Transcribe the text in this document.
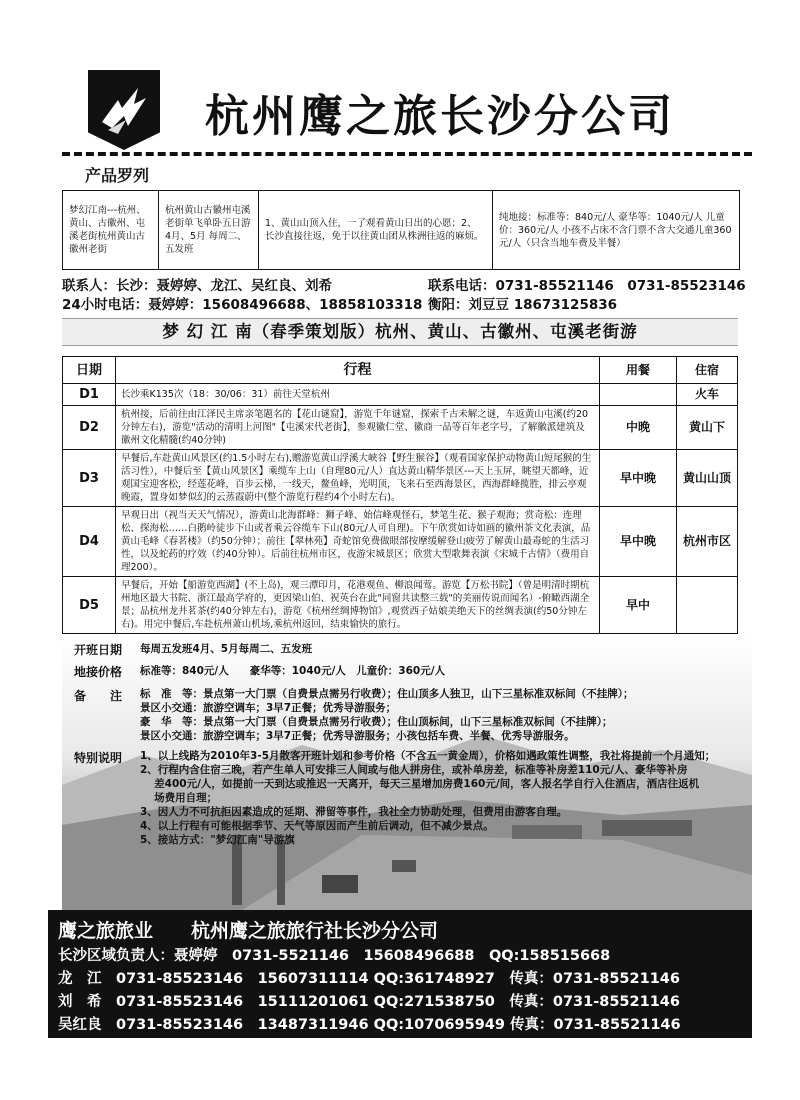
杭州鹰之旅长沙分公司
产品罗列
梦幻江南---杭州、黄山、古徽州、屯溪老街杭州黄山古徽州老街
杭州黄山古徽州屯溪老街单飞单卧五日游 4月、5月 每周二、五发班
1、黄山山顶入住，一了观看黄山日出的心愿；2、长沙直接往返，免于以往黄山团从株洲往返的麻烦。
纯地接：标准等：840元/人 豪华等：1040元/人 儿童价：360元/人 小孩不占床不含门票不含大交通儿童360元/人（只含当地车费及半餐）
联系人：长沙：聂婷婷、龙江、吴红良、刘希	联系电话：0731-85521146　0731-85523146
24小时电话：聂婷婷：15608496688、18858103318 衡阳：刘豆豆 18673125836
梦 幻 江 南（春季策划版）杭州、黄山、古徽州、屯溪老街游
日期	行程	用餐	住宿
D1	长沙乘K135次（18：30/06：31）前往天堂杭州		火车
D2	杭州接，后前往由江泽民主席亲笔题名的【花山谜窟】，游览千年谜窟，探索千古未解之谜，车返黄山屯溪(约20分钟左右)，游览"活动的清明上河图"【屯溪宋代老街】，参观徽仁堂、徽商一品等百年老字号，了解徽派建筑及徽州文化精髓(约40分钟)	中晚	黄山下
D3	早餐后,车赴黄山风景区(约1.5小时左右),赠游览黄山浮溪大峡谷【野生猴谷】（观看国家保护动物黄山短尾猴的生活习性），中餐后至【黄山风景区】乘缆车上山（自理80元/人）直达黄山精华景区---天上玉屏，眺望天都峰，近观国宝迎客松，经莲花峰，百步云梯，一线天，鳌鱼峰，光明顶，飞来石至西海景区，西海群峰揽胜，排云亭观晚霞，置身如梦似幻的云蒸霞蔚中(整个游览行程约4个小时左右)。	早中晚	黄山山顶
D4	早观日出（视当天天气情况），游黄山北海群峰：狮子峰、始信峰观怪石，梦笔生花、猴子观海；赏奇松：连理松、探海松……白鹅岭徒步下山或者乘云谷缆车下山(80元/人可自理)。下午欣赏如诗如画的徽州茶文化表演，品黄山毛峰《春茗楼》（约50分钟）；前往【翠林苑】奇蛇馆免费做眼部按摩缓解登山疲劳了解黄山最毒蛇的生活习性，以及蛇药的疗效（约40分钟）。后前往杭州市区，夜游宋城景区；欣赏大型歌舞表演《宋城千古情》（费用自理200）。	早中晚	杭州市区
D5	早餐后，开始【船游览西湖】(不上岛)，观三潭印月，花港观鱼、柳浪闻莺。游览【万松书院】（曾是明清时期杭州地区最大书院、浙江最高学府的，更因梁山伯、祝英台在此"同窗共读整三载"的美丽传说而闻名）-俯瞰西湖全景；品杭州龙井茗茶(约40分钟左右)，游览《杭州丝绸博物馆》,观赏西子姑娘美绝天下的丝绸表演(约50分钟左右)。用完中餐后,车赴杭州萧山机场,乘杭州返回，结束愉快的旅行。	早中	
开班日期 每周五发班4月、5月每周二、五发班
地接价格 标准等：840元/人　　豪华等：1040元/人　儿童价：360元/人
备　　注 标　准　等：景点第一大门票（自费景点需另行收费）；住山顶多人独卫，山下三星标准双标间（不挂牌）；
景区小交通：旅游空调车；3早7正餐；优秀导游服务；
豪　华　等：景点第一大门票（自费景点需另行收费）；住山顶标间，山下三星标准双标间（不挂牌）；
景区小交通：旅游空调车；3早7正餐；优秀导游服务；小孩包括车费、半餐、优秀导游服务。
特别说明 1、以上线路为2010年3-5月散客开班计划和参考价格（不含五一黄金周），价格如遇政策性调整，我社将提前一个月通知；
2、行程内含住宿三晚，若产生单人可安排三人间或与他人拼房住，或补单房差，标准等补房差110元/人、豪华等补房
　 差400元/人，如提前一天到达或推迟一天离开，每天三星增加房费160元/间，客人报名学自行入住酒店，酒店往返机
　 场费用自理；
3、因人力不可抗拒因素造成的延期、滞留等事件，我社全力协助处理，但费用由游客自理。
4、以上行程有可能根据季节、天气等原因而产生前后调动，但不减少景点。
5、接站方式："梦幻江南"导游旗
鹰之旅旅业　　杭州鹰之旅旅行社长沙分公司
长沙区域负责人：聂婷婷　0731-5521146　15608496688　QQ:158515668
龙　江　0731-85523146　15607311114 QQ:361748927　传真：0731-85521146
刘　希　0731-85523146　15111201061 QQ:271538750　传真：0731-85521146
吴红良　0731-85523146　13487311946 QQ:1070695949 传真：0731-85521146
